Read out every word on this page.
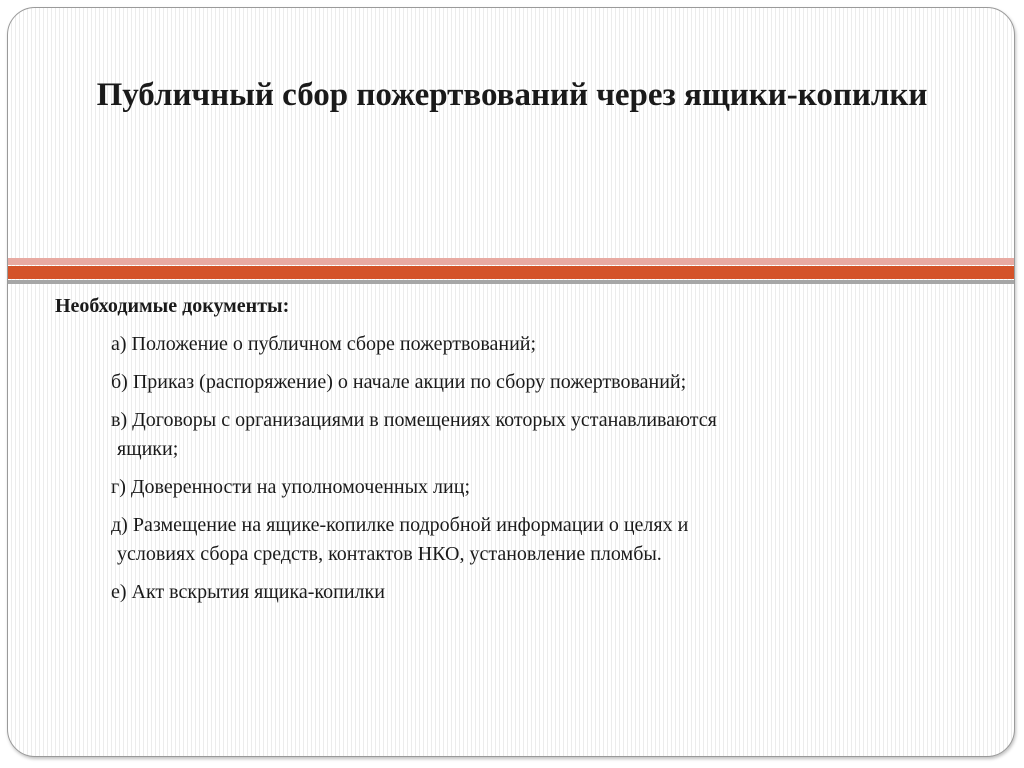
Публичный сбор пожертвований через ящики-копилки
Необходимые документы:
а) Положение о публичном сборе пожертвований;
б) Приказ (распоряжение) о начале акции по сбору пожертвований;
в) Договоры с организациями в помещениях которых устанавливаются
ящики;
г) Доверенности на уполномоченных лиц;
д) Размещение на ящике-копилке подробной информации о целях и
условиях сбора средств, контактов НКО, установление пломбы.
е) Акт вскрытия ящика-копилки
